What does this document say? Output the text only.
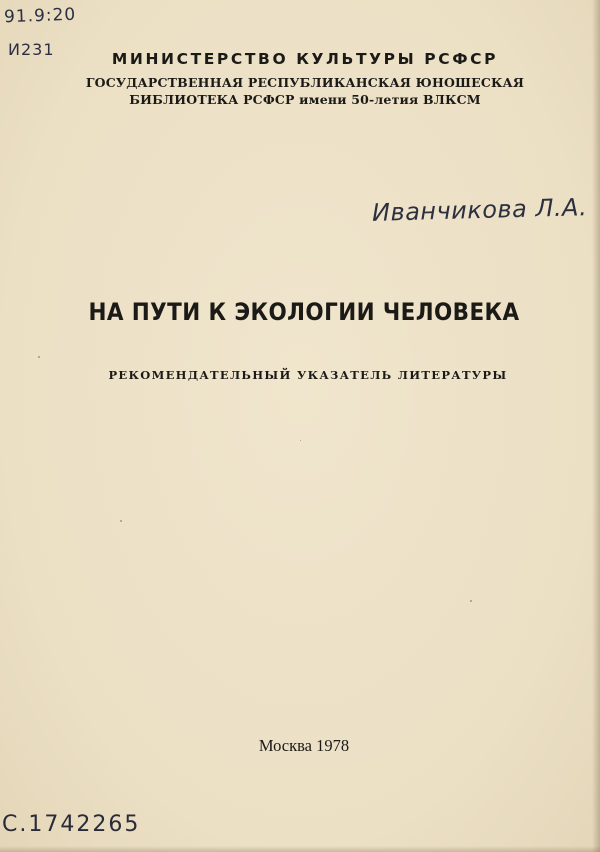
91.9:20
И231	МИНИСТЕРСТВО КУЛЬТУРЫ РСФСР

ГОСУДАРСТВЕННАЯ РЕСПУБЛИКАНСКАЯ ЮНОШЕСКАЯ
БИБЛИОТЕКА РСФСР имени 50-летия ВЛКСМ

Иванчикова Л.А.
НА ПУТИ К ЭКОЛОГИИ ЧЕЛОВЕКА

РЕКОМЕНДАТЕЛЬНЫЙ УКАЗАТЕЛЬ ЛИТЕРАТУРЫ

Москва 1978

С.1742265
